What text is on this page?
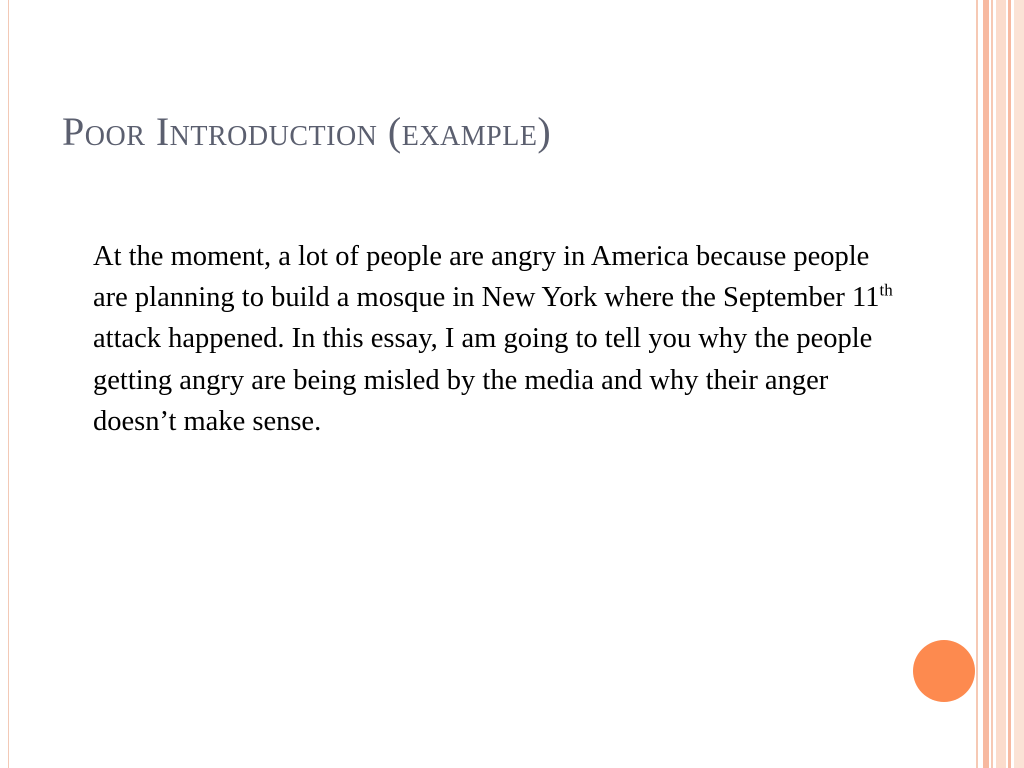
Poor Introduction (example)

At the moment, a lot of people are angry in America because people are planning to build a mosque in New York where the September 11th attack happened. In this essay, I am going to tell you why the people getting angry are being misled by the media and why their anger doesn’t make sense.
